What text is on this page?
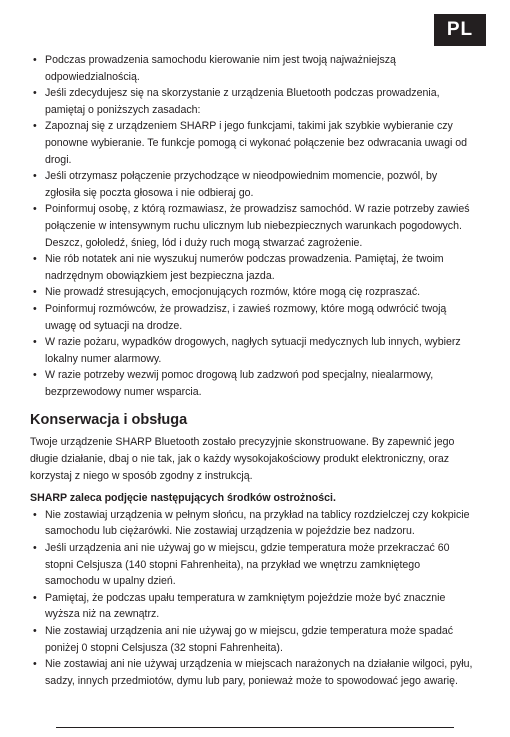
PL
• Podczas prowadzenia samochodu kierowanie nim jest twoją najważniejszą odpowiedzialnością.
• Jeśli zdecydujesz się na skorzystanie z urządzenia Bluetooth podczas prowadzenia, pamiętaj o poniższych zasadach:
• Zapoznaj się z urządzeniem SHARP i jego funkcjami, takimi jak szybkie wybieranie czy ponowne wybieranie. Te funkcje pomogą ci wykonać połączenie bez odwracania uwagi od drogi.
• Jeśli otrzymasz połączenie przychodzące w nieodpowiednim momencie, pozwól, by zgłosiła się poczta głosowa i nie odbieraj go.
• Poinformuj osobę, z którą rozmawiasz, że prowadzisz samochód. W razie potrzeby zawieś połączenie w intensywnym ruchu ulicznym lub niebezpiecznych warunkach pogodowych. Deszcz, gołoledź, śnieg, lód i duży ruch mogą stwarzać zagrożenie.
• Nie rób notatek ani nie wyszukuj numerów podczas prowadzenia. Pamiętaj, że twoim nadrzędnym obowiązkiem jest bezpieczna jazda.
• Nie prowadź stresujących, emocjonujących rozmów, które mogą cię rozpraszać.
• Poinformuj rozmówców, że prowadzisz, i zawieś rozmowy, które mogą odwrócić twoją uwagę od sytuacji na drodze.
• W razie pożaru, wypadków drogowych, nagłych sytuacji medycznych lub innych, wybierz lokalny numer alarmowy.
• W razie potrzeby wezwij pomoc drogową lub zadzwoń pod specjalny, niealarmowy, bezprzewodowy numer wsparcia.
Konserwacja i obsługa

Twoje urządzenie SHARP Bluetooth zostało precyzyjnie skonstruowane. By zapewnić jego długie działanie, dbaj o nie tak, jak o każdy wysokojakościowy produkt elektroniczny, oraz korzystaj z niego w sposób zgodny z instrukcją.

SHARP zaleca podjęcie następujących środków ostrożności.

• Nie zostawiaj urządzenia w pełnym słońcu, na przykład na tablicy rozdzielczej czy kokpicie samochodu lub ciężarówki. Nie zostawiaj urządzenia w pojeździe bez nadzoru.
• Jeśli urządzenia ani nie używaj go w miejscu, gdzie temperatura może przekraczać 60 stopni Celsjusza (140 stopni Fahrenheita), na przykład we wnętrzu zamkniętego samochodu w upalny dzień.
• Pamiętaj, że podczas upału temperatura w zamkniętym pojeździe może być znacznie wyższa niż na zewnątrz.
• Nie zostawiaj urządzenia ani nie używaj go w miejscu, gdzie temperatura może spadać poniżej 0 stopni Celsjusza (32 stopni Fahrenheita).
• Nie zostawiaj ani nie używaj urządzenia w miejscach narażonych na działanie wilgoci, pyłu, sadzy, innych przedmiotów, dymu lub pary, ponieważ może to spowodować jego awarię.
